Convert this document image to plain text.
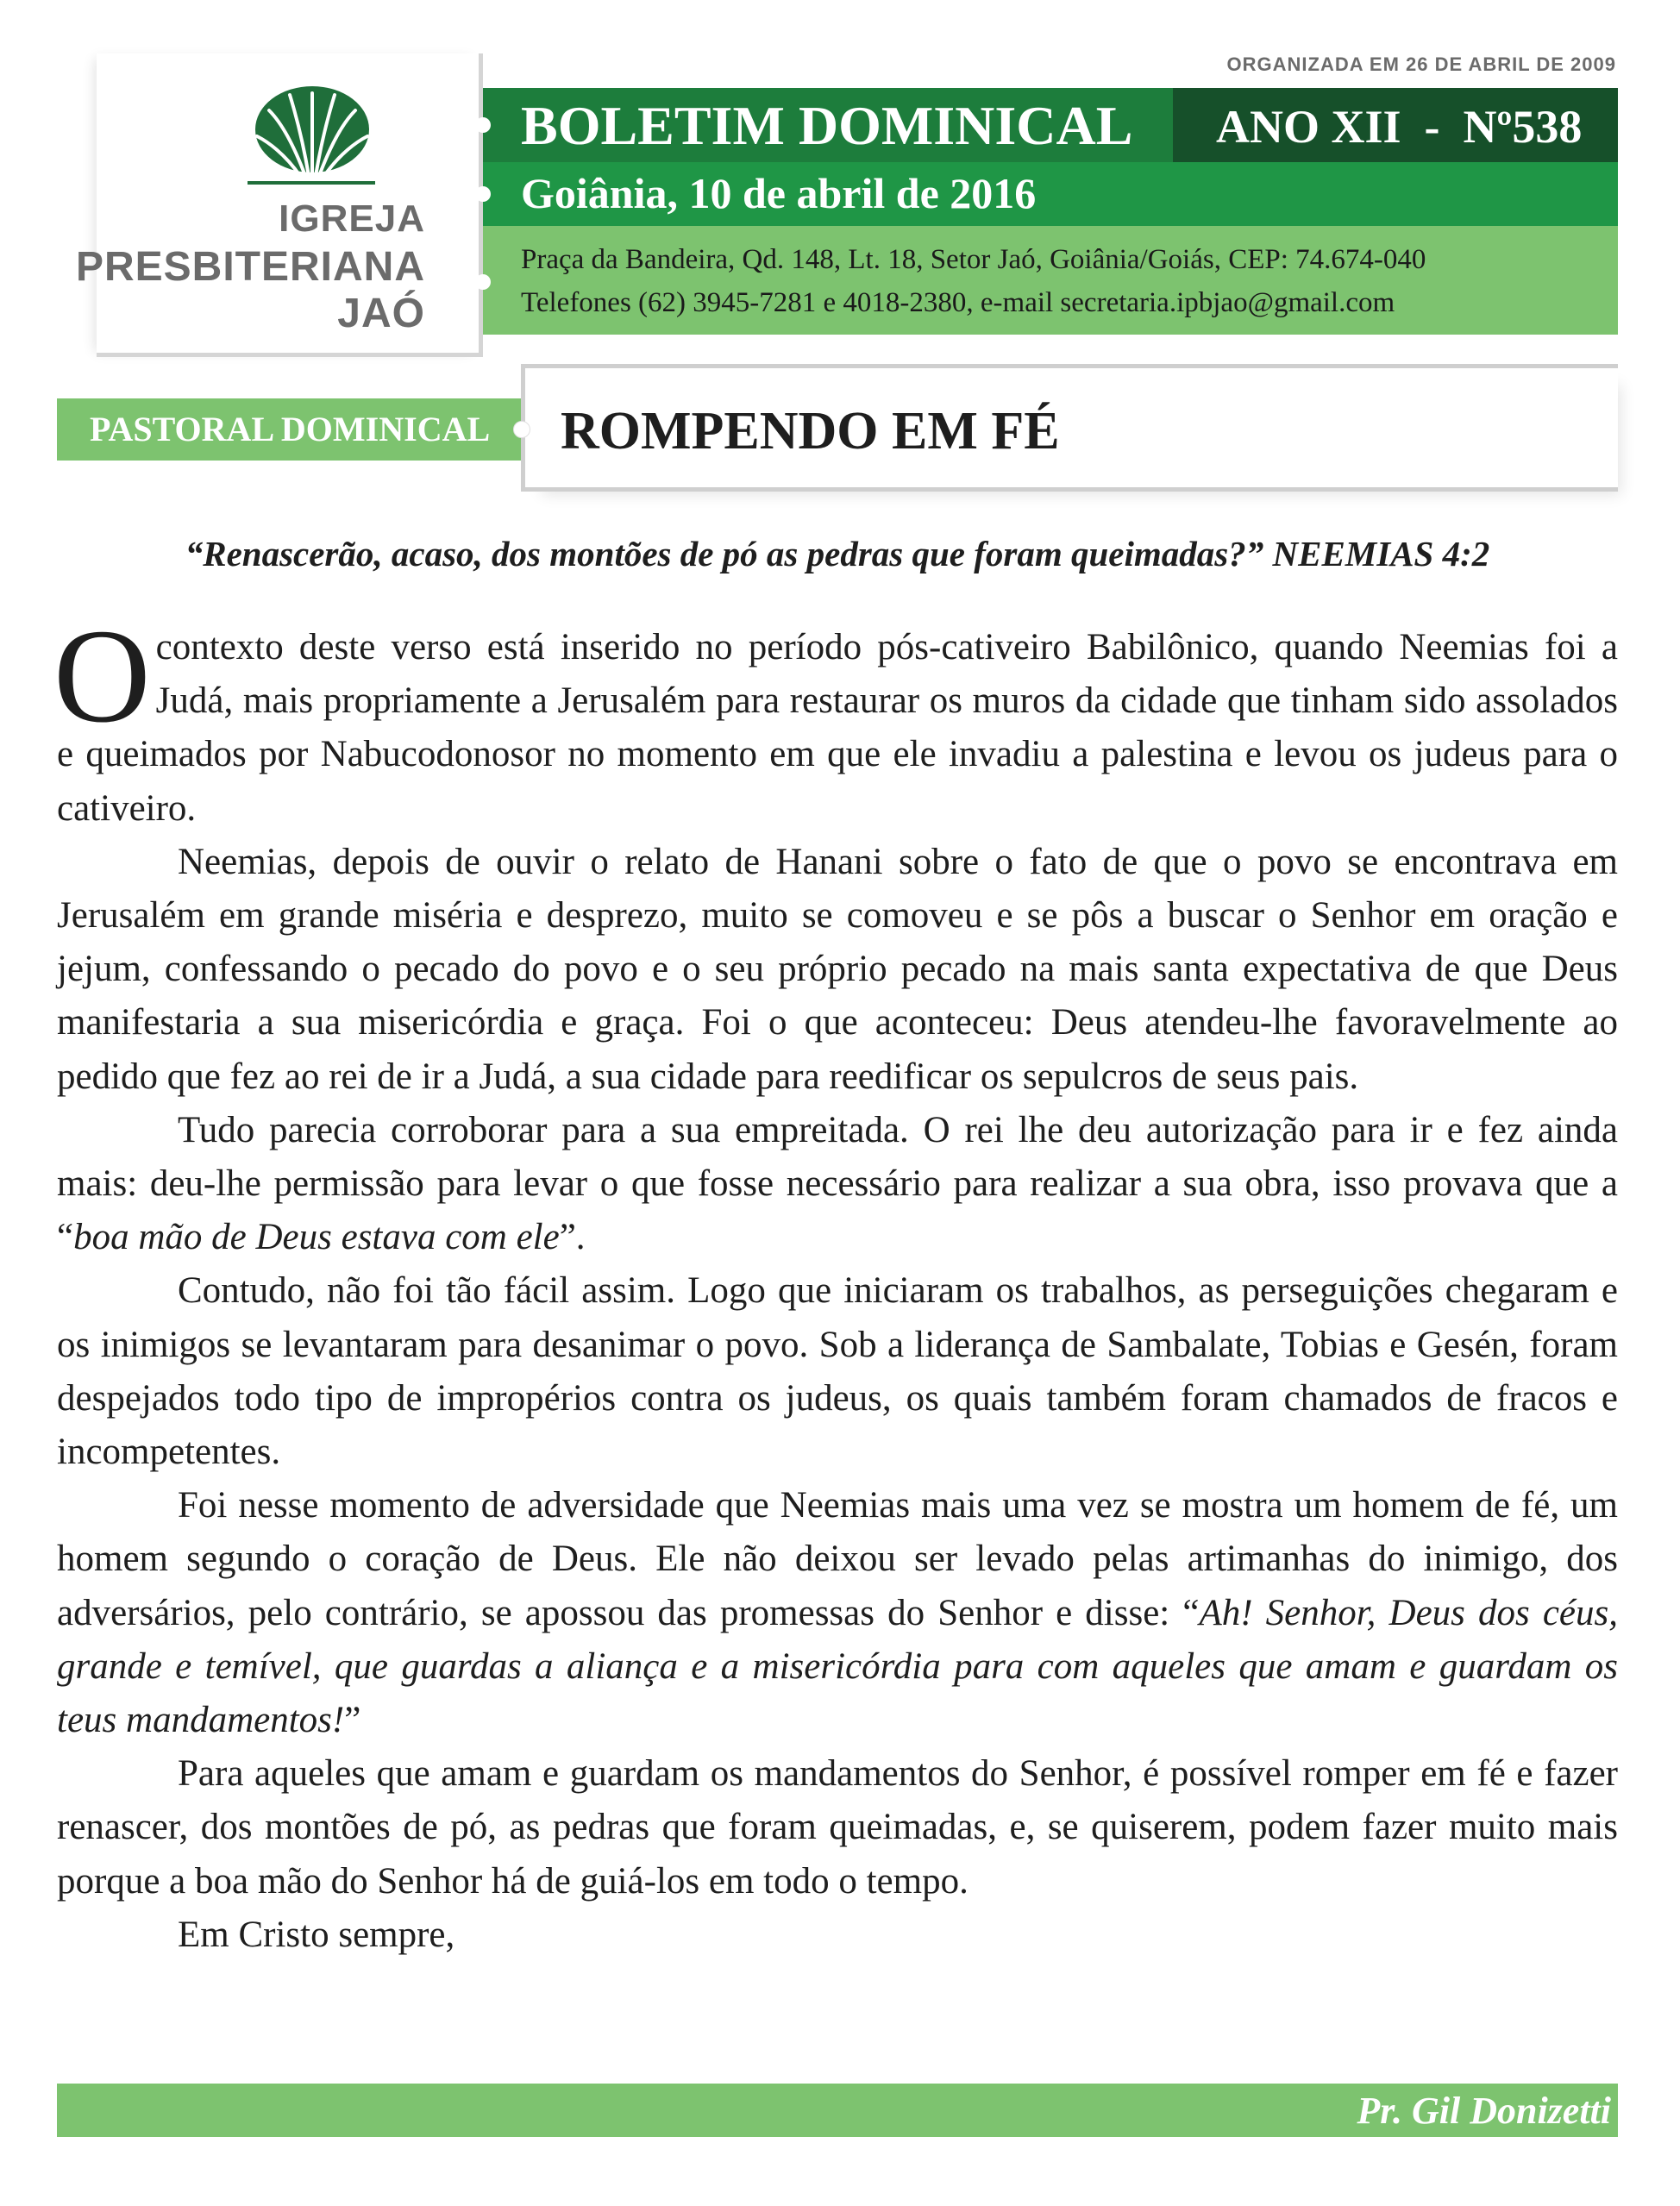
IGREJA
PRESBITERIANA
JAÓ
ORGANIZADA EM 26 DE ABRIL DE 2009
BOLETIM DOMINICAL ANO XII  -  Nº538
Goiânia, 10 de abril de 2016
Praça da Bandeira, Qd. 148, Lt. 18, Setor Jaó, Goiânia/Goiás, CEP: 74.674-040
Telefones (62) 3945-7281 e 4018-2380, e-mail secretaria.ipbjao@gmail.com
PASTORAL DOMINICAL ROMPENDO EM FÉ
“Renascerão, acaso, dos montões de pó as pedras que foram queimadas?” NEEMIAS 4:2

O contexto deste verso está inserido no período pós-cativeiro Babilônico, quando Neemias foi a Judá, mais propriamente a Jerusalém para restaurar os muros da cidade que tinham sido assolados e queimados por Nabucodonosor no momento em que ele invadiu a palestina e levou os judeus para o cativeiro.

Neemias, depois de ouvir o relato de Hanani sobre o fato de que o povo se encontrava em Jerusalém em grande miséria e desprezo, muito se comoveu e se pôs a buscar o Senhor em oração e jejum, confessando o pecado do povo e o seu próprio pecado na mais santa expectativa de que Deus manifestaria a sua misericórdia e graça. Foi o que aconteceu: Deus atendeu-lhe favoravelmente ao pedido que fez ao rei de ir a Judá, a sua cidade para reedificar os sepulcros de seus pais.

Tudo parecia corroborar para a sua empreitada. O rei lhe deu autorização para ir e fez ainda mais: deu-lhe permissão para levar o que fosse necessário para realizar a sua obra, isso provava que a “boa mão de Deus estava com ele”.

Contudo, não foi tão fácil assim. Logo que iniciaram os trabalhos, as perseguições chegaram e os inimigos se levantaram para desanimar o povo. Sob a liderança de Sambalate, Tobias e Gesén, foram despejados todo tipo de impropérios contra os judeus, os quais também foram chamados de fracos e incompetentes.

Foi nesse momento de adversidade que Neemias mais uma vez se mostra um homem de fé, um homem segundo o coração de Deus. Ele não deixou ser levado pelas artimanhas do inimigo, dos adversários, pelo contrário, se apossou das promessas do Senhor e disse: “Ah! Senhor, Deus dos céus, grande e temível, que guardas a aliança e a misericórdia para com aqueles que amam e guardam os teus mandamentos!”

Para aqueles que amam e guardam os mandamentos do Senhor, é possível romper em fé e fazer renascer, dos montões de pó, as pedras que foram queimadas, e, se quiserem, podem fazer muito mais porque a boa mão do Senhor há de guiá-los em todo o tempo.

Em Cristo sempre,

Pr. Gil Donizetti
